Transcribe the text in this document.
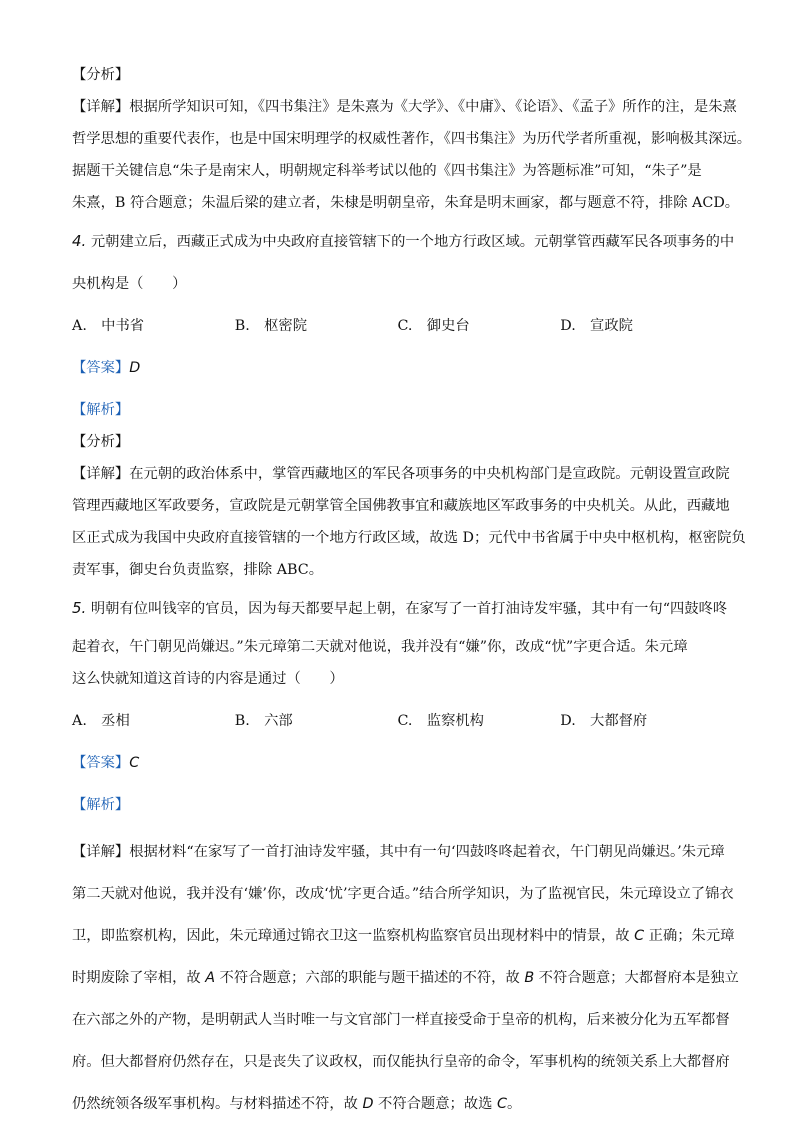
【分析】
【详解】根据所学知识可知，《四书集注》是朱熹为《大学》、《中庸》、《论语》、《孟子》所作的注，是朱熹
哲学思想的重要代表作，也是中国宋明理学的权威性著作，《四书集注》为历代学者所重视，影响极其深远。
据题干关键信息“朱子是南宋人，明朝规定科举考试以他的《四书集注》为答题标准”可知，“朱子”是
朱熹，B 符合题意；朱温后梁的建立者，朱棣是明朝皇帝，朱耷是明末画家，都与题意不符，排除 ACD。
4. 元朝建立后，西藏正式成为中央政府直接管辖下的一个地方行政区域。元朝掌管西藏军民各项事务的中
央机构是（　　）
A.　中书省	B.　枢密院	C.　御史台	D.　宣政院
【答案】D
【解析】
【分析】
【详解】在元朝的政治体系中，掌管西藏地区的军民各项事务的中央机构部门是宣政院。元朝设置宣政院
管理西藏地区军政要务，宣政院是元朝掌管全国佛教事宜和藏族地区军政事务的中央机关。从此，西藏地
区正式成为我国中央政府直接管辖的一个地方行政区域，故选 D；元代中书省属于中央中枢机构，枢密院负
责军事，御史台负责监察，排除 ABC。
5. 明朝有位叫钱宰的官员，因为每天都要早起上朝，在家写了一首打油诗发牢骚，其中有一句“四鼓咚咚
起着衣，午门朝见尚嫌迟。”朱元璋第二天就对他说，我并没有“嫌”你，改成“忧”字更合适。朱元璋
这么快就知道这首诗的内容是通过（　　）
A.　丞相	B.　六部	C.　监察机构	D.　大都督府
【答案】C
【解析】
【详解】根据材料“在家写了一首打油诗发牢骚，其中有一句‘四鼓咚咚起着衣，午门朝见尚嫌迟。’朱元璋
第二天就对他说，我并没有‘嫌’你，改成‘忧’字更合适。”结合所学知识，为了监视官民，朱元璋设立了锦衣
卫，即监察机构，因此，朱元璋通过锦衣卫这一监察机构监察官员出现材料中的情景，故 C 正确；朱元璋
时期废除了宰相，故 A 不符合题意；六部的职能与题干描述的不符，故 B 不符合题意；大都督府本是独立
在六部之外的产物，是明朝武人当时唯一与文官部门一样直接受命于皇帝的机构，后来被分化为五军都督
府。但大都督府仍然存在，只是丧失了议政权，而仅能执行皇帝的命令，军事机构的统领关系上大都督府
仍然统领各级军事机构。与材料描述不符，故 D 不符合题意；故选 C。
